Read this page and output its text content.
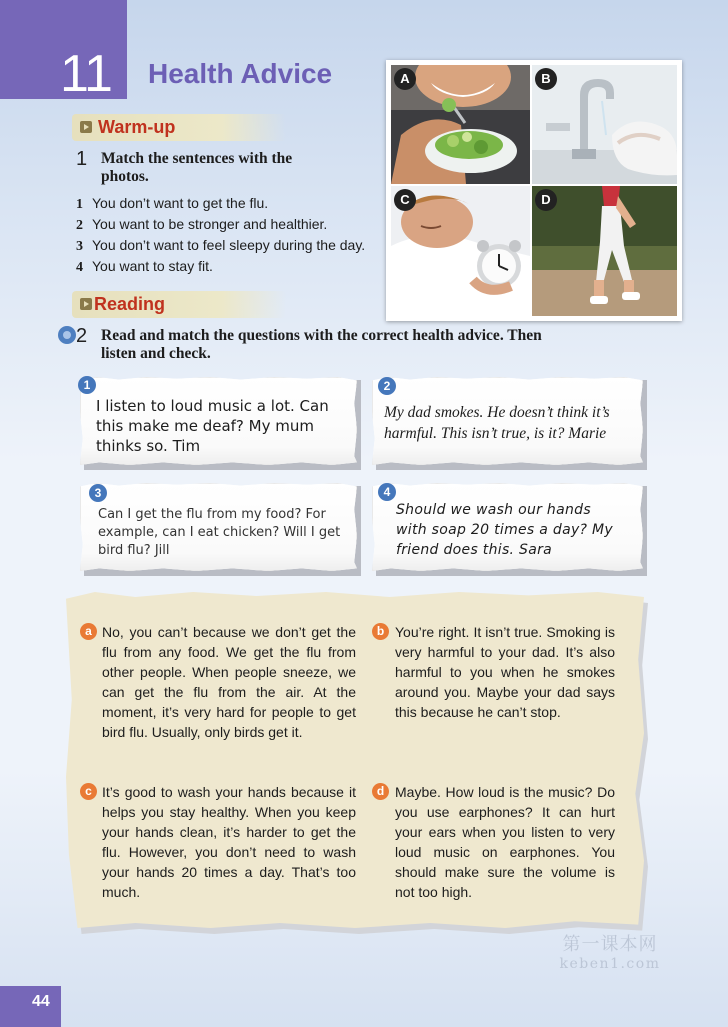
11 Health Advice
Warm-up
1 Match the sentences with the
photos.
1 You don’t want to get the flu.
2 You want to be stronger and healthier.
3 You don’t want to feel sleepy during the day.
4 You want to stay fit.
A	B
C	D
Reading
2 Read and match the questions with the correct health advice. Then
listen and check.
1
I listen to loud music a lot. Can
this make me deaf? My mum
thinks so. Tim
2
My dad smokes. He doesn’t think it’s
harmful. This isn’t true, is it? Marie
3
Can I get the flu from my food? For
example, can I eat chicken? Will I get
bird flu? Jill
4
Should we wash our hands
with soap 20 times a day? My
friend does this. Sara
a No, you can’t because we don’t get the flu from any food. We get the flu from other people. When people sneeze, we can get the flu from the air. At the moment, it’s very hard for people to get bird flu. Usually, only birds get it.
b You’re right. It isn’t true. Smoking is very harmful to your dad. It’s also harmful to you when he smokes around you. Maybe your dad says this because he can’t stop.
c It’s good to wash your hands because it helps you stay healthy. When you keep your hands clean, it’s harder to get the flu. However, you don’t need to wash your hands 20 times a day. That’s too much.
d Maybe. How loud is the music? Do you use earphones? It can hurt your ears when you listen to very loud music on earphones. You should make sure the volume is not too high.
第一课本网
keben1.com
44
